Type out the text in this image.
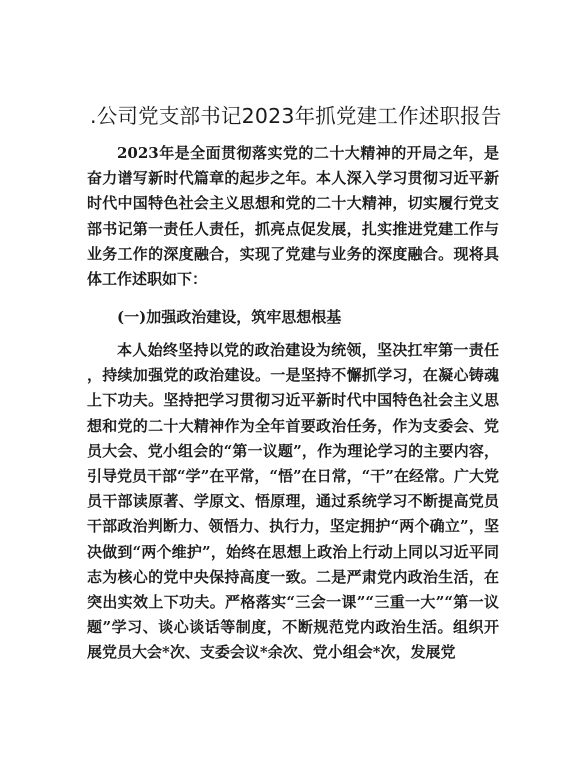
.公司党支部书记2023年抓党建工作述职报告

2023年是全面贯彻落实党的二十大精神的开局之年，是奋力谱写新时代篇章的起步之年。本人深入学习贯彻习近平新时代中国特色社会主义思想和党的二十大精神，切实履行党支部书记第一责任人责任，抓亮点促发展，扎实推进党建工作与业务工作的深度融合，实现了党建与业务的深度融合。现将具体工作述职如下：

(一)加强政治建设，筑牢思想根基

本人始终坚持以党的政治建设为统领，坚决扛牢第一责任，持续加强党的政治建设。一是坚持不懈抓学习，在凝心铸魂上下功夫。坚持把学习贯彻习近平新时代中国特色社会主义思想和党的二十大精神作为全年首要政治任务，作为支委会、党员大会、党小组会的“第一议题”，作为理论学习的主要内容，引导党员干部“学”在平常，“悟”在日常，“干”在经常。广大党员干部读原著、学原文、悟原理，通过系统学习不断提高党员干部政治判断力、领悟力、执行力，坚定拥护“两个确立”，坚决做到“两个维护”，始终在思想上政治上行动上同以习近平同志为核心的党中央保持高度一致。二是严肃党内政治生活，在突出实效上下功夫。严格落实“三会一课”“三重一大”“第一议题”学习、谈心谈话等制度，不断规范党内政治生活。组织开展党员大会*次、支委会议*余次、党小组会*次，发展党
